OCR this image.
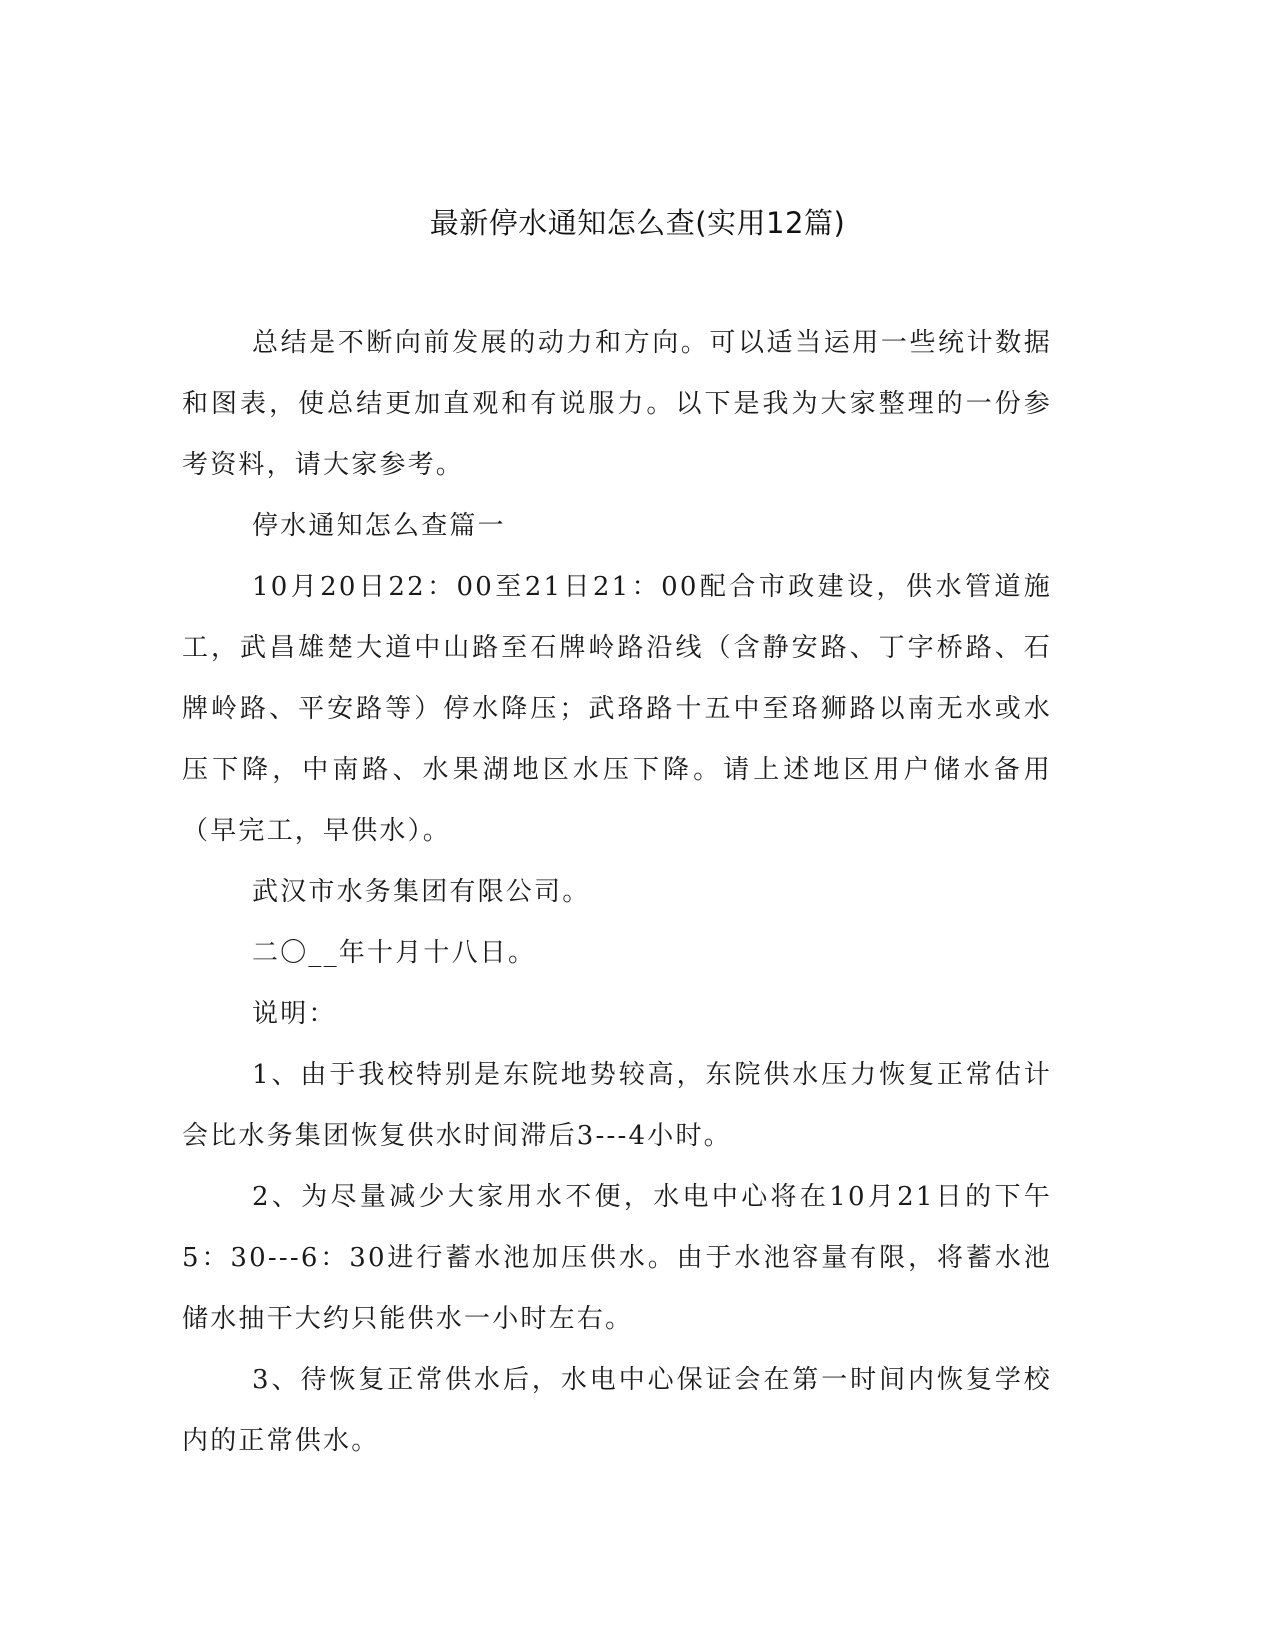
最新停水通知怎么查(实用12篇)

总结是不断向前发展的动力和方向。可以适当运用一些统计数据和图表，使总结更加直观和有说服力。以下是我为大家整理的一份参考资料，请大家参考。

停水通知怎么查篇一

10月20日22：00至21日21：00配合市政建设，供水管道施工，武昌雄楚大道中山路至石牌岭路沿线（含静安路、丁字桥路、石牌岭路、平安路等）停水降压；武珞路十五中至珞狮路以南无水或水压下降，中南路、水果湖地区水压下降。请上述地区用户储水备用（早完工，早供水）。

武汉市水务集团有限公司。

二〇__年十月十八日。

说明：

1、由于我校特别是东院地势较高，东院供水压力恢复正常估计会比水务集团恢复供水时间滞后3---4小时。

2、为尽量减少大家用水不便，水电中心将在10月21日的下午5：30---6：30进行蓄水池加压供水。由于水池容量有限，将蓄水池储水抽干大约只能供水一小时左右。

3、待恢复正常供水后，水电中心保证会在第一时间内恢复学校内的正常供水。
